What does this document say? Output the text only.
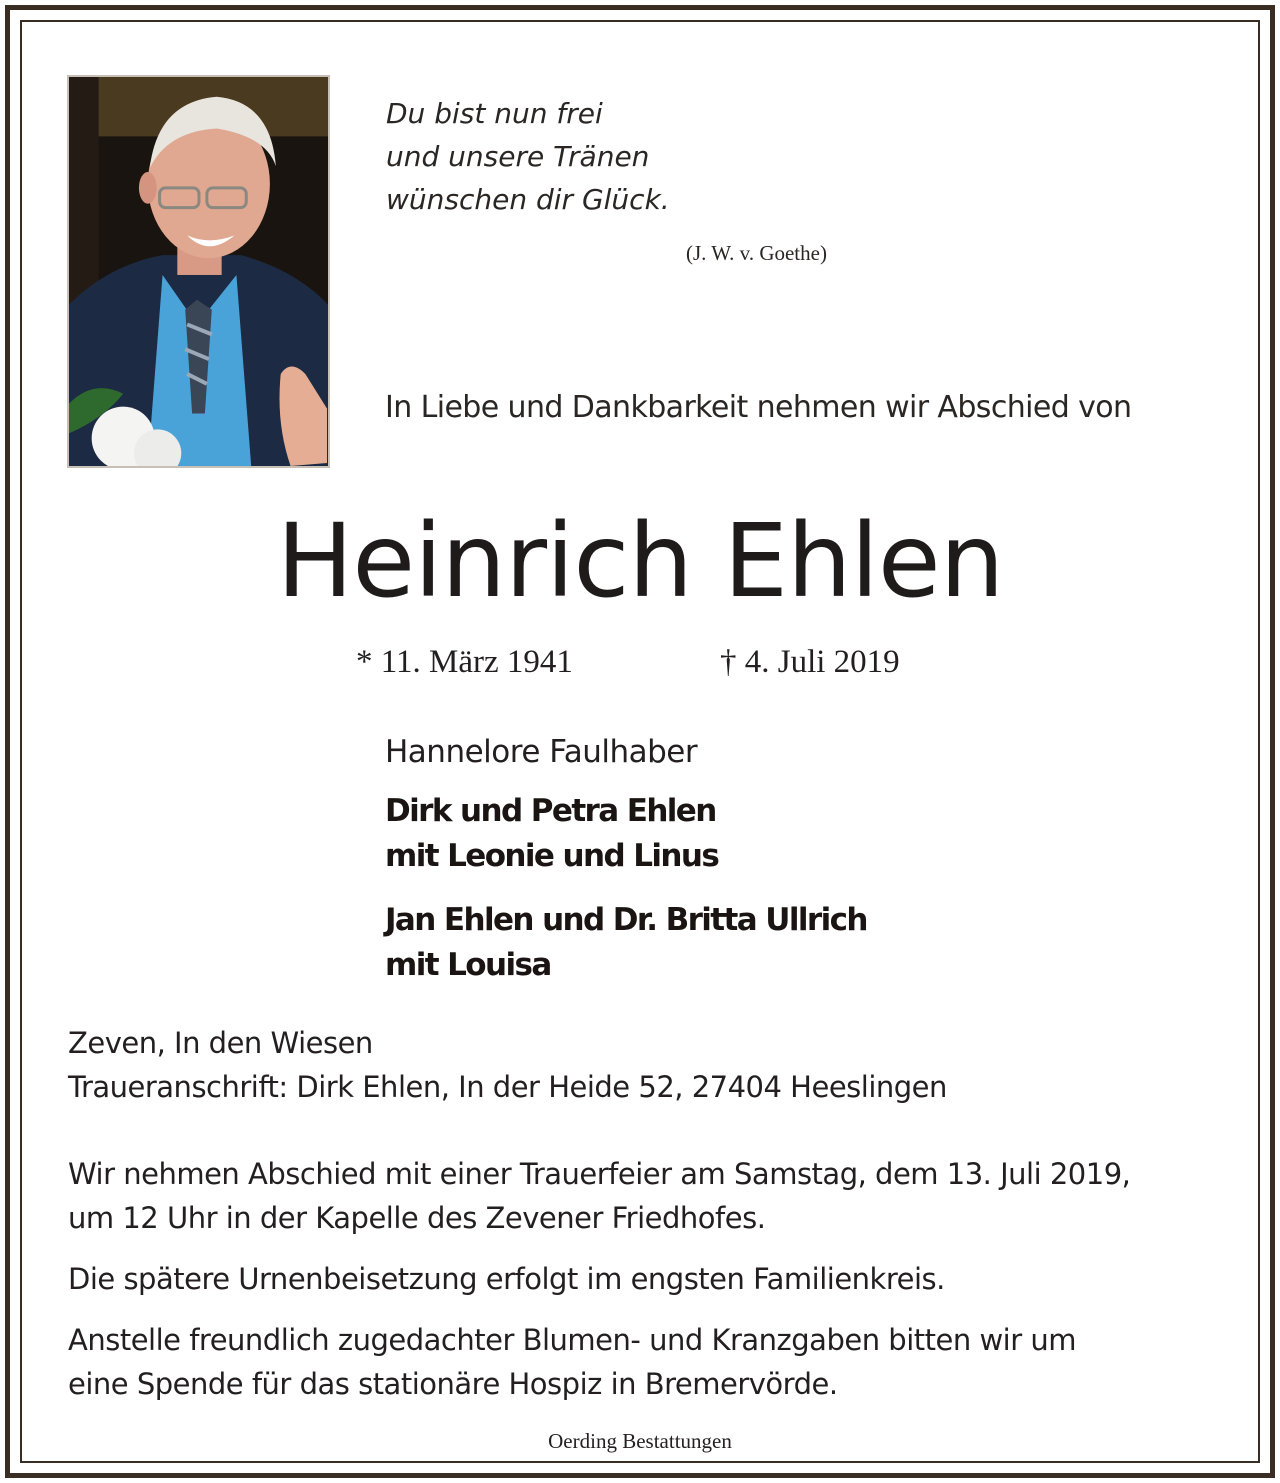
Du bist nun frei
und unsere Tränen
wünschen dir Glück.
(J. W. v. Goethe)
In Liebe und Dankbarkeit nehmen wir Abschied von
Heinrich Ehlen
* 11. März 1941	† 4. Juli 2019
Hannelore Faulhaber
Dirk und Petra Ehlen
mit Leonie und Linus
Jan Ehlen und Dr. Britta Ullrich
mit Louisa
Zeven, In den Wiesen
Traueranschrift: Dirk Ehlen, In der Heide 52, 27404 Heeslingen
Wir nehmen Abschied mit einer Trauerfeier am Samstag, dem 13. Juli 2019,
um 12 Uhr in der Kapelle des Zevener Friedhofes.
Die spätere Urnenbeisetzung erfolgt im engsten Familienkreis.
Anstelle freundlich zugedachter Blumen- und Kranzgaben bitten wir um
eine Spende für das stationäre Hospiz in Bremervörde.
Oerding Bestattungen
